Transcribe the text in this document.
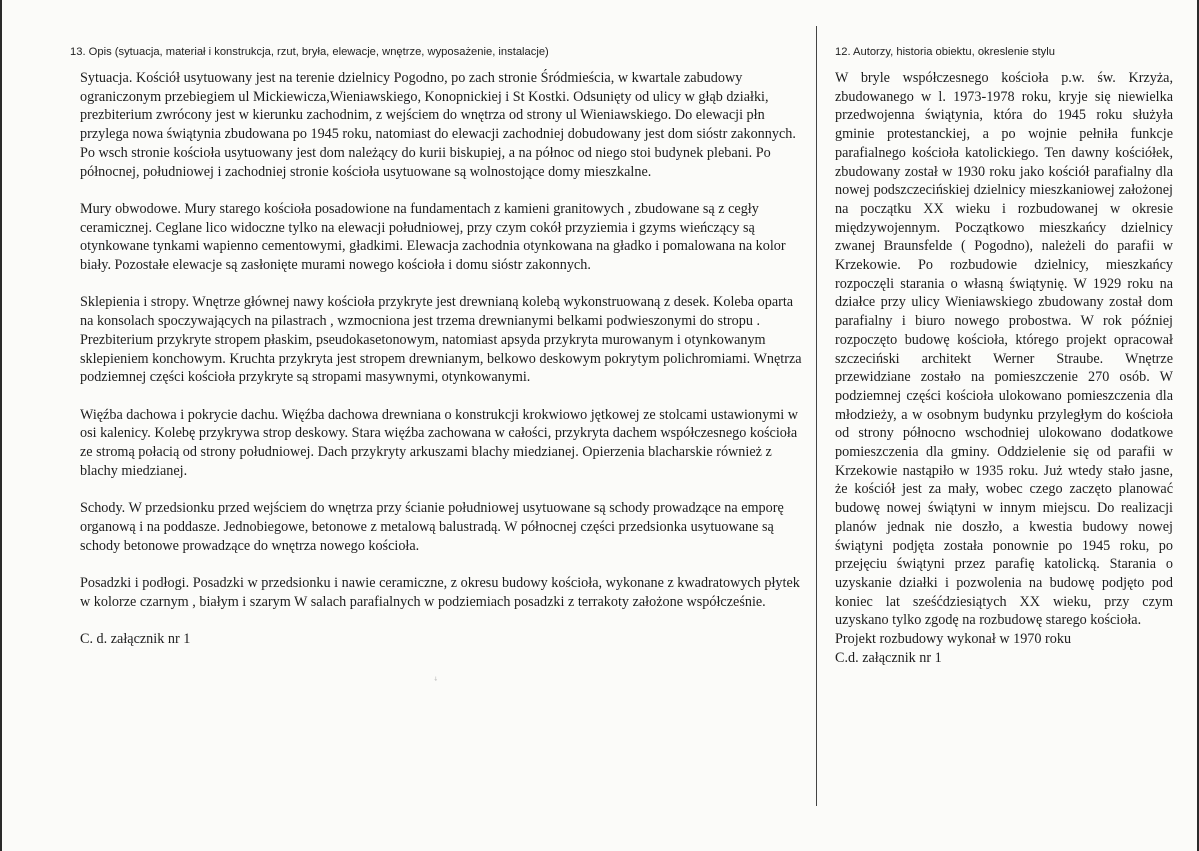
13. Opis (sytuacja, materiał i konstrukcja, rzut, bryła, elewacje, wnętrze, wyposażenie, instalacje)

Sytuacja. Kościół usytuowany jest na terenie dzielnicy Pogodno, po zach stronie Śródmieścia, w kwartale zabudowy ograniczonym przebiegiem ul Mickiewicza,Wieniawskiego, Konopnickiej i St Kostki. Odsunięty od ulicy w głąb działki, prezbiterium zwrócony jest w kierunku zachodnim, z wejściem do wnętrza od strony ul Wieniawskiego. Do elewacji płn przylega nowa świątynia zbudowana po 1945 roku, natomiast do elewacji zachodniej dobudowany jest dom sióstr zakonnych. Po wsch stronie kościoła usytuowany jest dom należący do kurii biskupiej, a na północ od niego stoi budynek plebani. Po północnej, południowej i zachodniej stronie kościoła usytuowane są wolnostojące domy mieszkalne.

Mury obwodowe. Mury starego kościoła posadowione na fundamentach z kamieni granitowych , zbudowane są z cegły ceramicznej. Ceglane lico widoczne tylko na elewacji południowej, przy czym cokół przyziemia i gzyms wieńczący są otynkowane tynkami wapienno cementowymi, gładkimi. Elewacja zachodnia otynkowana na gładko i pomalowana na kolor biały. Pozostałe elewacje są zasłonięte murami nowego kościoła i domu sióstr zakonnych.

Sklepienia i stropy. Wnętrze głównej nawy kościoła przykryte jest drewnianą kolebą wykonstruowaną z desek. Koleba oparta na konsolach spoczywających na pilastrach , wzmocniona jest trzema drewnianymi belkami podwieszonymi do stropu . Prezbiterium przykryte stropem płaskim, pseudokasetonowym, natomiast apsyda przykryta murowanym i otynkowanym sklepieniem konchowym. Kruchta przykryta jest stropem drewnianym, belkowo deskowym pokrytym polichromiami. Wnętrza podziemnej części kościoła przykryte są stropami masywnymi, otynkowanymi.

Więźba dachowa i pokrycie dachu. Więźba dachowa drewniana o konstrukcji krokwiowo jętkowej ze stolcami ustawionymi w osi kalenicy. Kolebę przykrywa strop deskowy. Stara więźba zachowana w całości, przykryta dachem współczesnego kościoła ze stromą połacią od strony południowej. Dach przykryty arkuszami blachy miedzianej. Opierzenia blacharskie również z blachy miedzianej.

Schody. W przedsionku przed wejściem do wnętrza przy ścianie południowej usytuowane są schody prowadzące na emporę organową i na poddasze. Jednobiegowe, betonowe z metalową balustradą. W północnej części przedsionka usytuowane są schody betonowe prowadzące do wnętrza nowego kościoła.

Posadzki i podłogi. Posadzki w przedsionku i nawie ceramiczne, z okresu budowy kościoła, wykonane z kwadratowych płytek w kolorze czarnym , białym i szarym W salach parafialnych w podziemiach posadzki z terrakoty założone współcześnie.

C. d. załącznik nr 1

12. Autorzy, historia obiektu, okreslenie stylu

W bryle współczesnego kościoła p.w. św. Krzyża, zbudowanego w l. 1973-1978 roku, kryje się niewielka przedwojenna świątynia, która do 1945 roku służyła gminie protestanckiej, a po wojnie pełniła funkcje parafialnego kościoła katolickiego. Ten dawny kościółek, zbudowany został w 1930 roku jako kościół parafialny dla nowej podszczecińskiej dzielnicy mieszkaniowej założonej na początku XX wieku i rozbudowanej w okresie międzywojennym. Początkowo mieszkańcy dzielnicy zwanej Braunsfelde ( Pogodno), należeli do parafii w Krzekowie. Po rozbudowie dzielnicy, mieszkańcy rozpoczęli starania o własną świątynię. W 1929 roku na działce przy ulicy Wieniawskiego zbudowany został dom parafialny i biuro nowego probostwa. W rok później rozpoczęto budowę kościoła, którego projekt opracował szczeciński architekt Werner Straube. Wnętrze przewidziane zostało na pomieszczenie 270 osób. W podziemnej części kościoła ulokowano pomieszczenia dla młodzieży, a w osobnym budynku przyległym do kościoła od strony północno wschodniej ulokowano dodatkowe pomieszczenia dla gminy. Oddzielenie się od parafii w Krzekowie nastąpiło w 1935 roku. Już wtedy stało jasne, że kościół jest za mały, wobec czego zaczęto planować budowę nowej świątyni w innym miejscu. Do realizacji planów jednak nie doszło, a kwestia budowy nowej świątyni podjęta została ponownie po 1945 roku, po przejęciu świątyni przez parafię katolicką. Starania o uzyskanie działki i pozwolenia na budowę podjęto pod koniec lat sześćdziesiątych XX wieku, przy czym uzyskano tylko zgodę na rozbudowę starego kościoła.

Projekt rozbudowy wykonał w 1970 roku

C.d. załącznik nr 1

ꜜ
